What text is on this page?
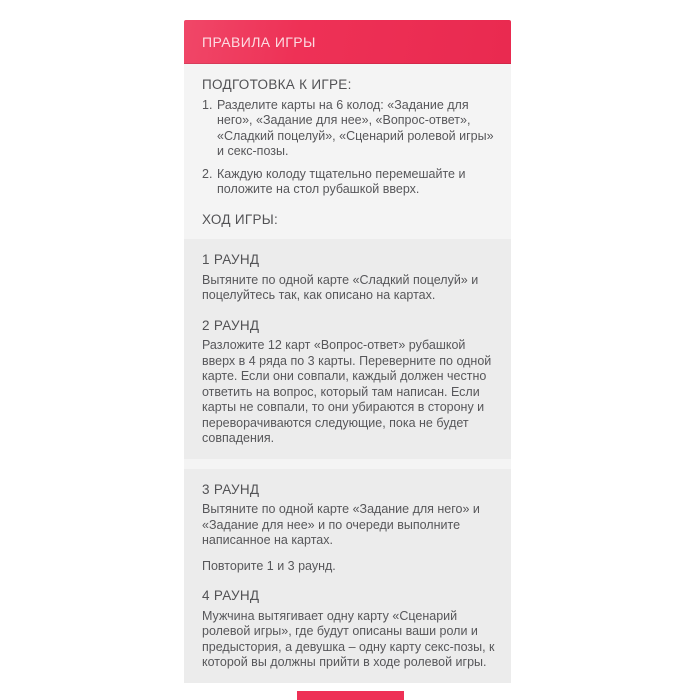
ПРАВИЛА ИГРЫ
ПОДГОТОВКА К ИГРЕ:
1. Разделите карты на 6 колод: «Задание для него», «Задание для нее», «Вопрос-ответ», «Сладкий поцелуй», «Сценарий ролевой игры» и секс-позы.
2. Каждую колоду тщательно перемешайте и положите на стол рубашкой вверх.
ХОД ИГРЫ:
1 РАУНД

Вытяните по одной карте «Сладкий поцелуй» и поцелуйтесь так, как описано на картах.

2 РАУНД

Разложите 12 карт «Вопрос-ответ» рубашкой вверх в 4 ряда по 3 карты. Переверните по одной карте. Если они совпали, каждый должен честно ответить на вопрос, который там написан. Если карты не совпали, то они убираются в сторону и переворачиваются следующие, пока не будет совпадения.

3 РАУНД

Вытяните по одной карте «Задание для него» и «Задание для нее» и по очереди выполните написанное на картах.

Повторите 1 и 3 раунд.

4 РАУНД

Мужчина вытягивает одну карту «Сценарий ролевой игры», где будут описаны ваши роли и предыстория, а девушка – одну карту секс-позы, к которой вы должны прийти в ходе ролевой игры.
